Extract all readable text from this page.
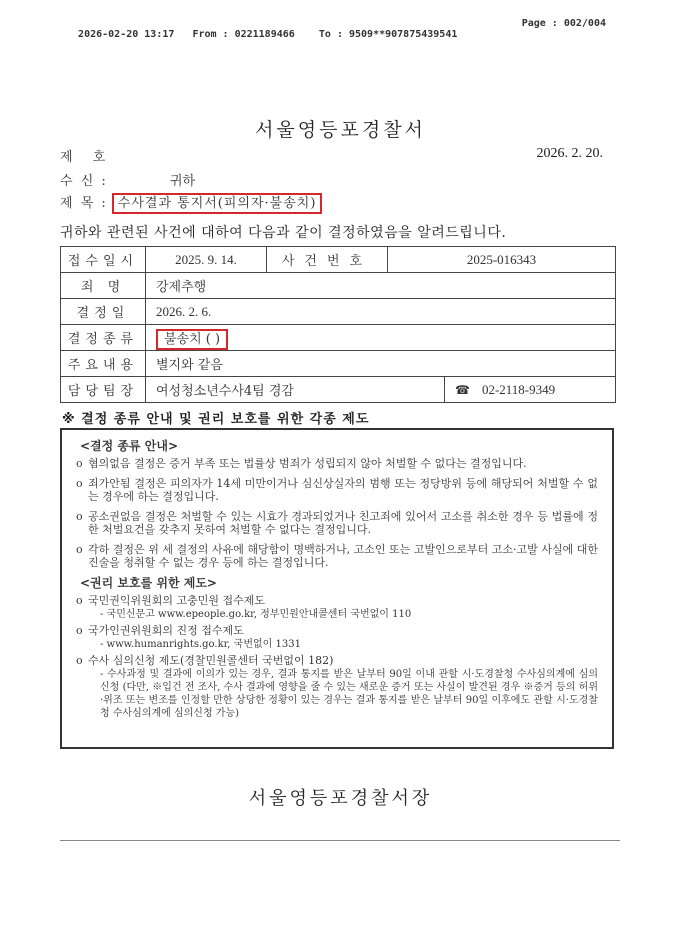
2026-02-20 13:17 From : 0221189466 To : 9509**907875439541

Page : 002/004

서울영등포경찰서
제 호	2026. 2. 20.
수 신 :	귀하
제 목 : 수사결과 통지서(피의자·불송치)
귀하와 관련된 사건에 대하여 다음과 같이 결정하였음을 알려드립니다.
접수일시	2025. 9. 14.	사건번호	2025-016343	
죄 명	강제추행			
결정일	2026. 2. 6.			
결정종류	불송치 ( )			
주요내용	별지와 같음			
담당팀장	여성청소년수사4팀 경감			☎ 02-2118-9349
※ 결정 종류 안내 및 권리 보호를 위한 각종 제도
<결정 종류 안내>
o 혐의없음 결정은 증거 부족 또는 법률상 범죄가 성립되지 않아 처벌할 수 없다는 결정입니다.
o 죄가안됨 결정은 피의자가 14세 미만이거나 심신상실자의 범행 또는 정당방위 등에 해당되어 처벌할 수 없는 경우에 하는 결정입니다.
o 공소권없음 결정은 처벌할 수 있는 시효가 경과되었거나 친고죄에 있어서 고소를 취소한 경우 등 법률에 정한 처벌요건을 갖추지 못하여 처벌할 수 없다는 결정입니다.
o 각하 결정은 위 세 결정의 사유에 해당함이 명백하거나, 고소인 또는 고발인으로부터 고소·고발 사실에 대한 진술을 청취할 수 없는 경우 등에 하는 결정입니다.
<권리 보호를 위한 제도>
o 국민권익위원회의 고충민원 접수제도
- 국민신문고 www.epeople.go.kr, 정부민원안내콜센터 국번없이 110
o 국가인권위원회의 진정 접수제도
- www.humanrights.go.kr, 국번없이 1331
o 수사 심의신청 제도(경찰민원콜센터 국번없이 182)
- 수사과정 및 결과에 이의가 있는 경우, 결과 통지를 받은 날부터 90일 이내 관할 시·도경찰청 수사심의계에 심의신청 (다만, ※입건 전 조사, 수사 결과에 영향을 줄 수 있는 새로운 증거 또는 사실이 발견된 경우 ※증거 등의 허위·위조 또는 변조를 인정할 만한 상당한 정황이 있는 경우는 결과 통지를 받은 날부터 90일 이후에도 관할 시·도경찰청 수사심의계에 심의신청 가능)
서울영등포경찰서장
